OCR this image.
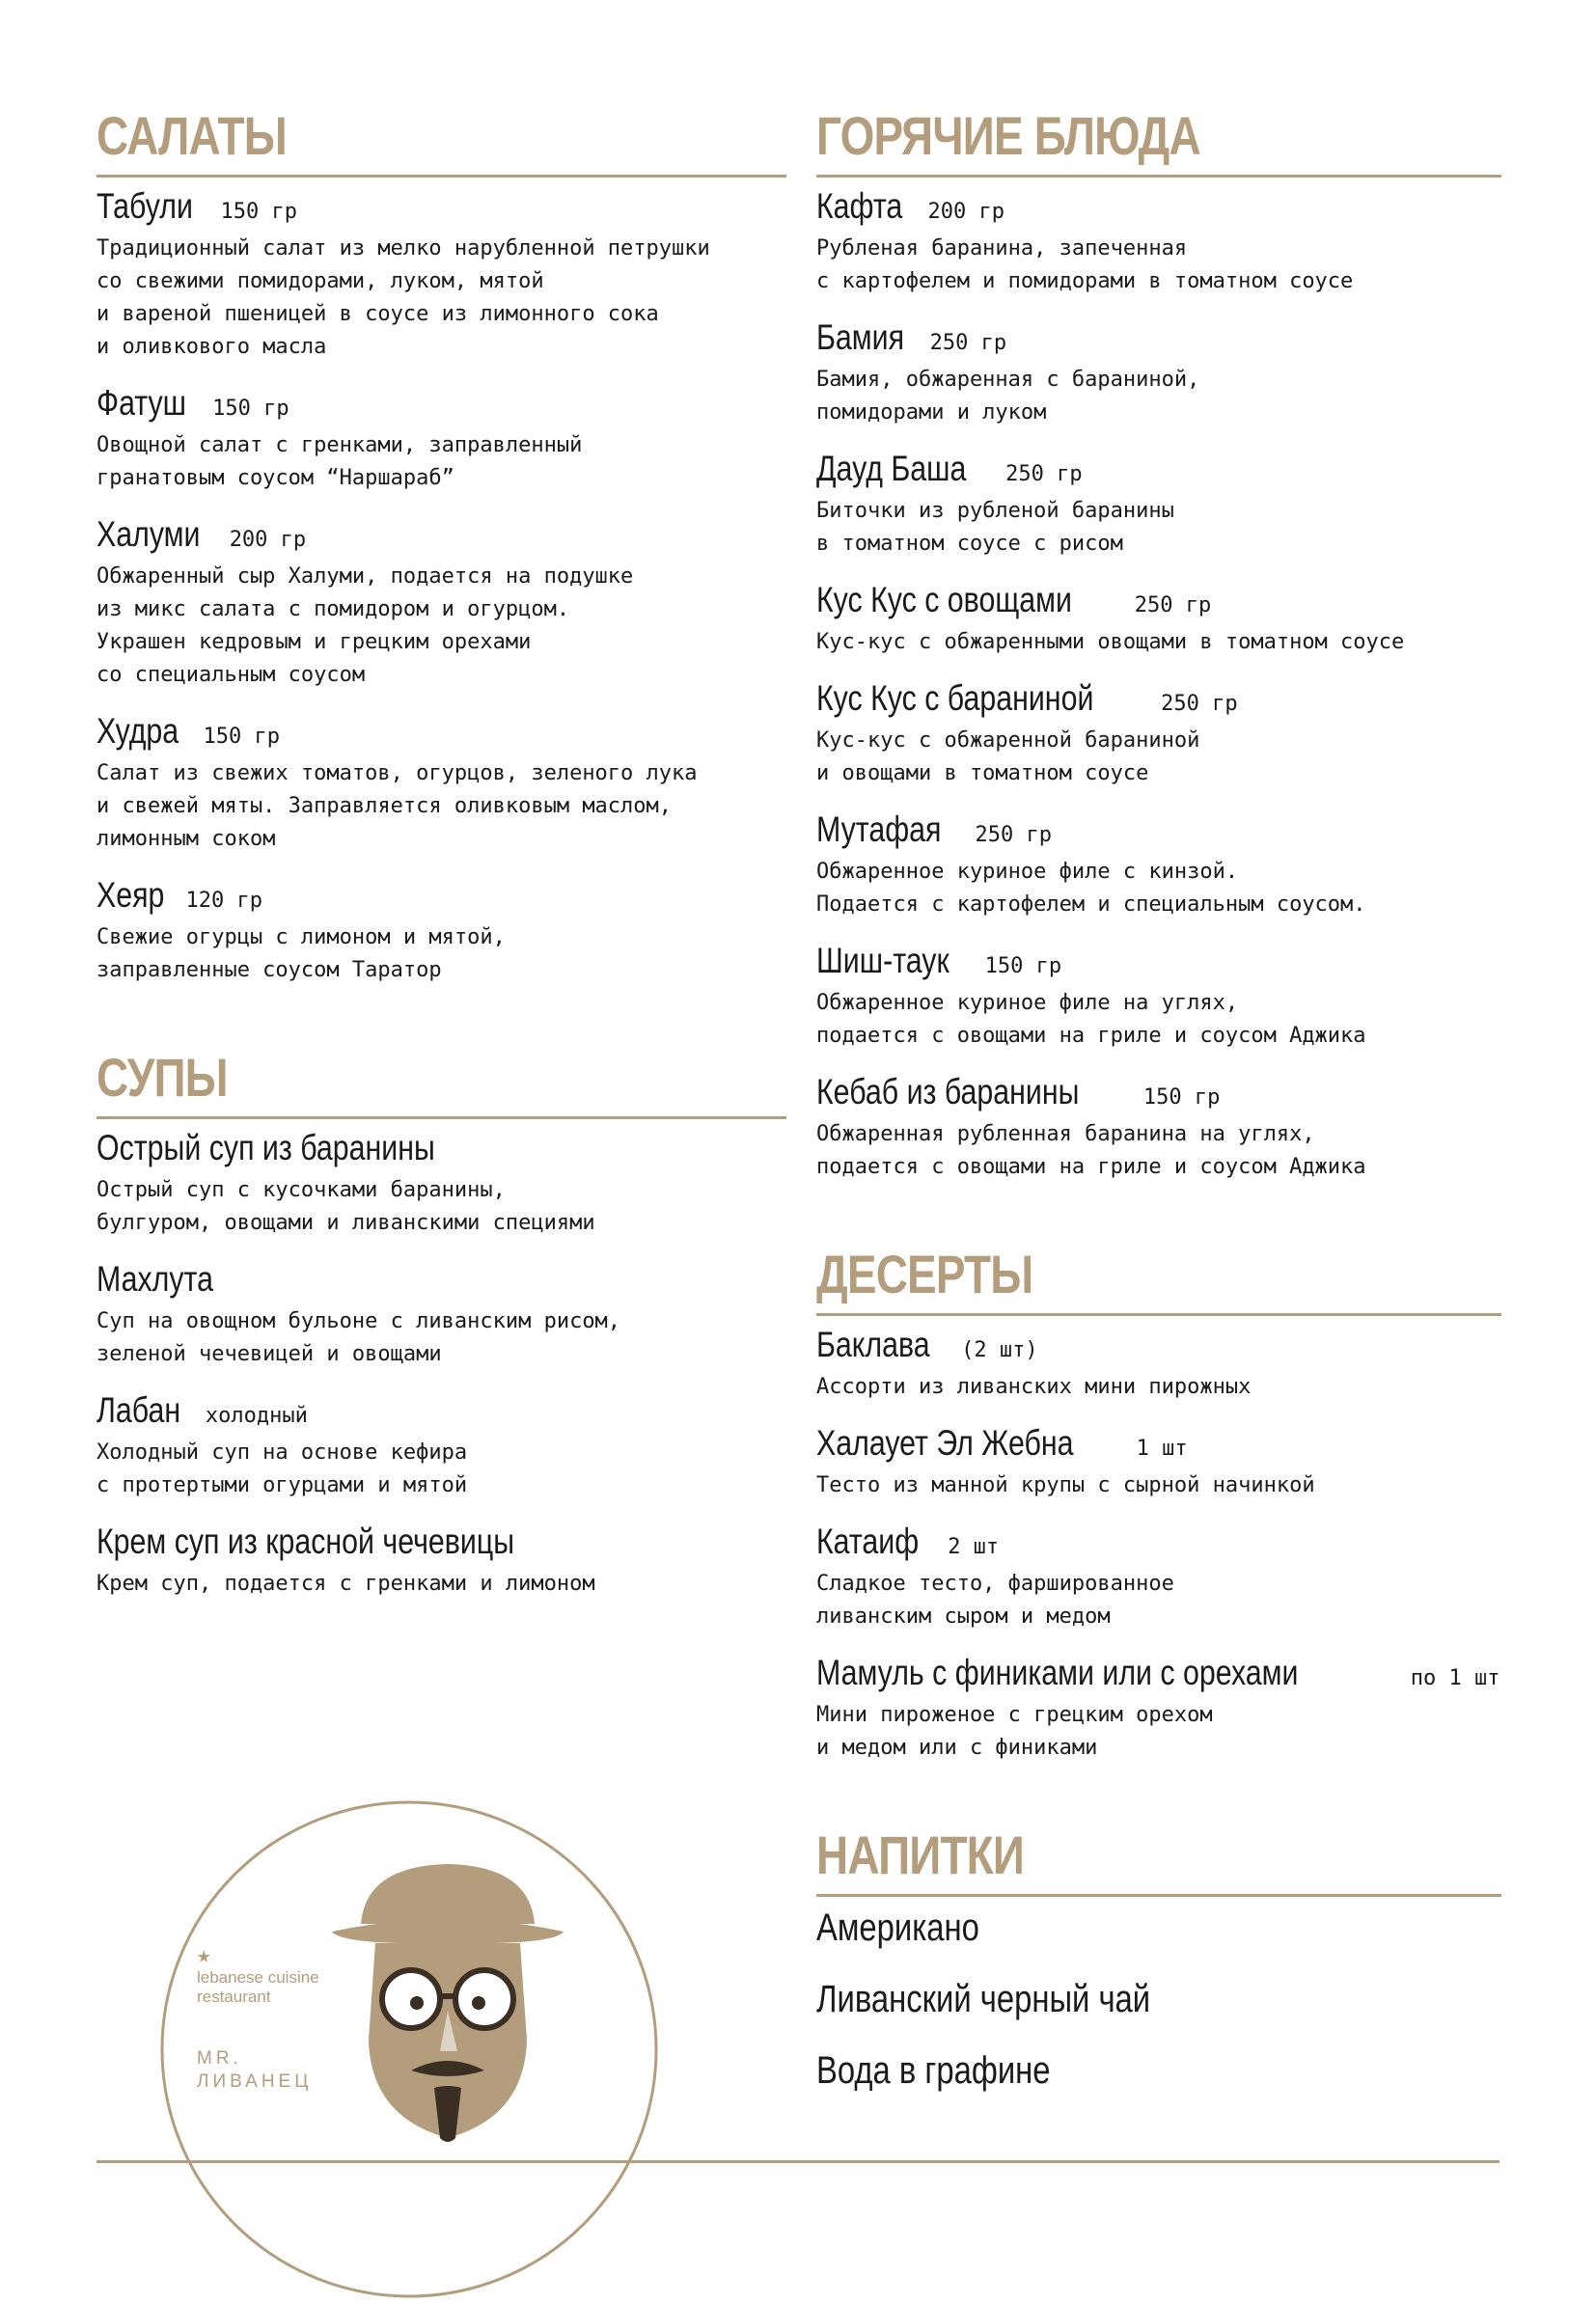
САЛАТЫ
Табули 150 гр
Традиционный салат из мелко нарубленной петрушки
со свежими помидорами, луком, мятой
и вареной пшеницей в соусе из лимонного сока
и оливкового масла
Фатуш 150 гр
Овощной салат с гренками, заправленный
гранатовым соусом “Наршараб”
Халуми 200 гр
Обжаренный сыр Халуми, подается на подушке
из микс салата с помидором и огурцом.
Украшен кедровым и грецким орехами
со специальным соусом
Худра 150 гр
Салат из свежих томатов, огурцов, зеленого лука
и свежей мяты. Заправляется оливковым маслом,
лимонным соком
Хеяр 120 гр
Свежие огурцы с лимоном и мятой,
заправленные соусом Таратор
СУПЫ
Острый суп из баранины
Острый суп с кусочками баранины,
булгуром, овощами и ливанскими специями
Махлута
Суп на овощном бульоне с ливанским рисом,
зеленой чечевицей и овощами
Лабан холодный
Холодный суп на основе кефира
с протертыми огурцами и мятой
Крем суп из красной чечевицы
Крем суп, подается с гренками и лимоном
ГОРЯЧИЕ БЛЮДА
Кафта 200 гр
Рубленая баранина, запеченная
с картофелем и помидорами в томатном соусе
Бамия 250 гр
Бамия, обжаренная с бараниной,
помидорами и луком
Дауд Баша 250 гр
Биточки из рубленой баранины
в томатном соусе с рисом
Кус Кус с овощами	250 гр
Кус-кус с обжаренными овощами в томатном соусе
Кус Кус с бараниной	250 гр
Кус-кус с обжаренной бараниной
и овощами в томатном соусе
Мутафая 250 гр
Обжаренное куриное филе с кинзой.
Подается с картофелем и специальным соусом.
Шиш-таук 150 гр
Обжаренное куриное филе на углях,
подается с овощами на гриле и соусом Аджика
Кебаб из баранины	150 гр
Обжаренная рубленная баранина на углях,
подается с овощами на гриле и соусом Аджика
ДЕСЕРТЫ
Баклава (2 шт)
Ассорти из ливанских мини пирожных
Халаует Эл Жебна	1 шт
Тесто из манной крупы с сырной начинкой
Катаиф 2 шт
Сладкое тесто, фаршированное
ливанским сыром и медом
Мамуль с финиками или с орехами	по 1 шт
Мини пироженое с грецким орехом
и медом или с финиками
НАПИТКИ
Американо
Ливанский черный чай
Вода в графине
★
lebanese cuisine
restaurant
MR.
ЛИВАНЕЦ
